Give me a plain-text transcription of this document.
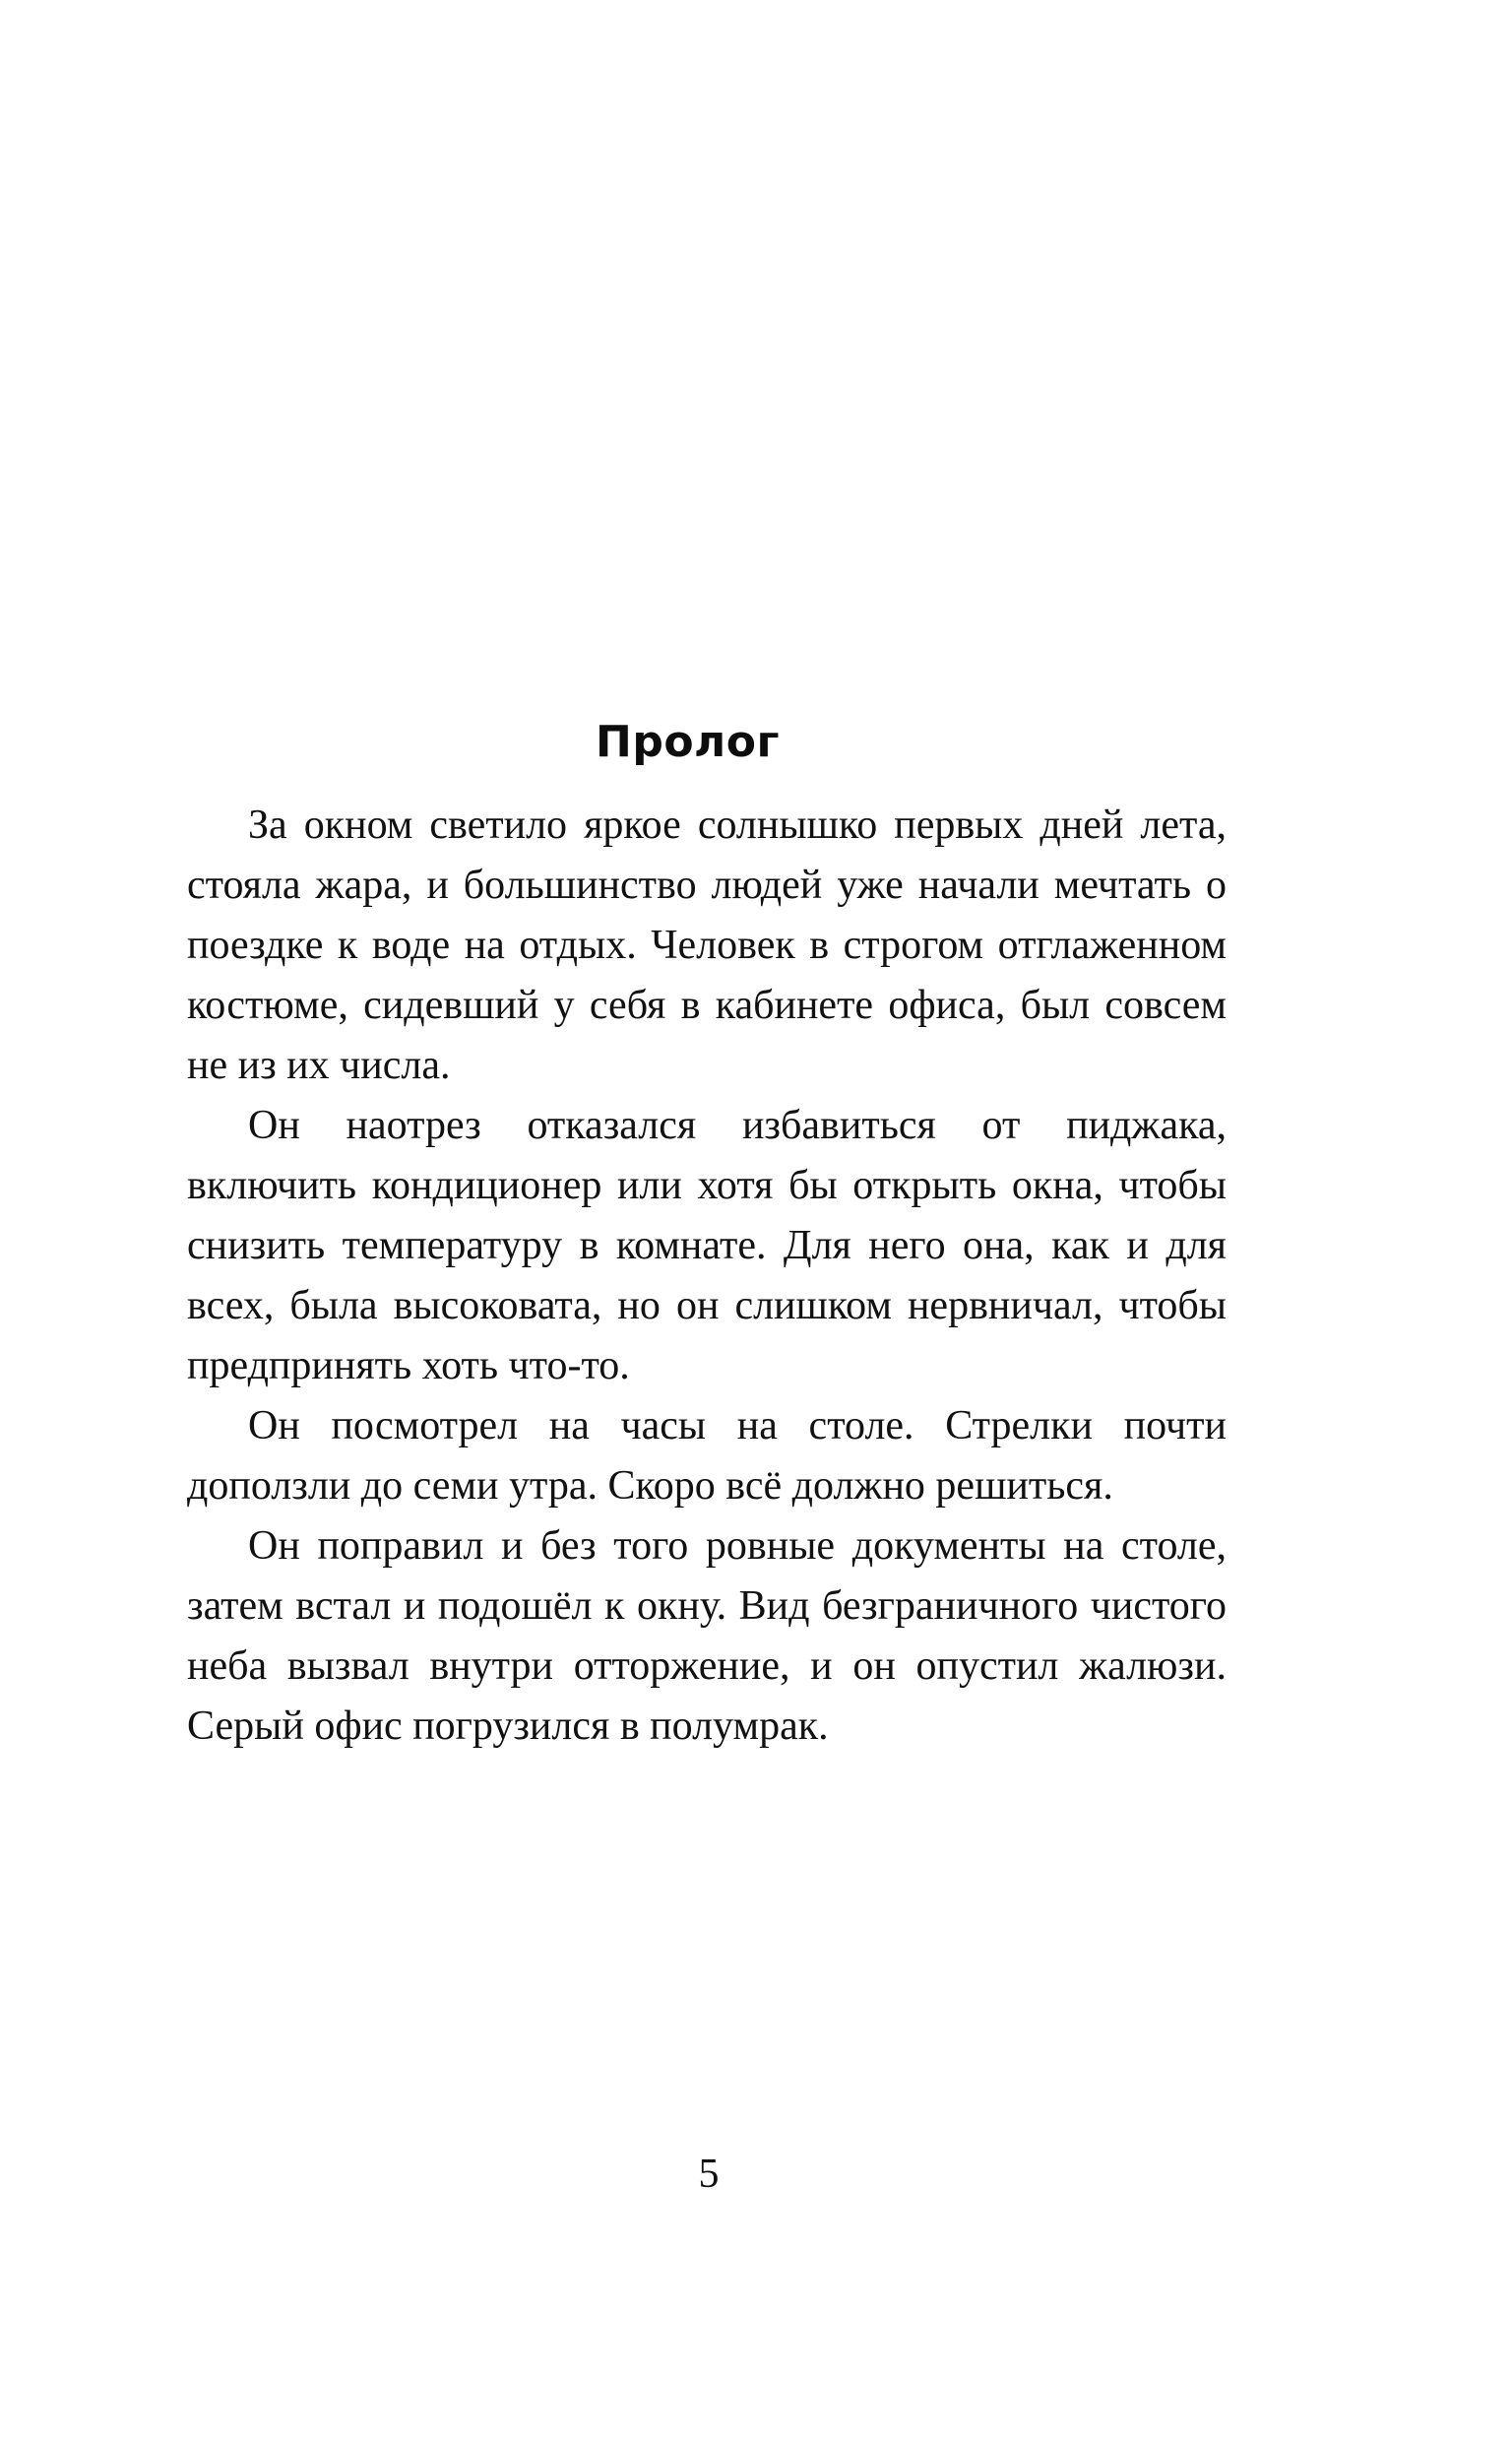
Пролог

За окном светило яркое солнышко первых дней лета, стояла жара, и большинство людей уже начали мечтать о поездке к воде на отдых. Человек в строгом отглаженном костюме, сидевший у себя в кабинете офиса, был совсем не из их числа.

Он наотрез отказался избавиться от пиджака, включить кондиционер или хотя бы открыть окна, чтобы снизить температуру в комнате. Для него она, как и для всех, была высоковата, но он слишком нервничал, чтобы предпринять хоть что-то.

Он посмотрел на часы на столе. Стрелки почти доползли до семи утра. Скоро всё должно решиться.

Он поправил и без того ровные документы на столе, затем встал и подошёл к окну. Вид безграничного чистого неба вызвал внутри отторжение, и он опустил жалюзи. Серый офис погрузился в полумрак.

5
